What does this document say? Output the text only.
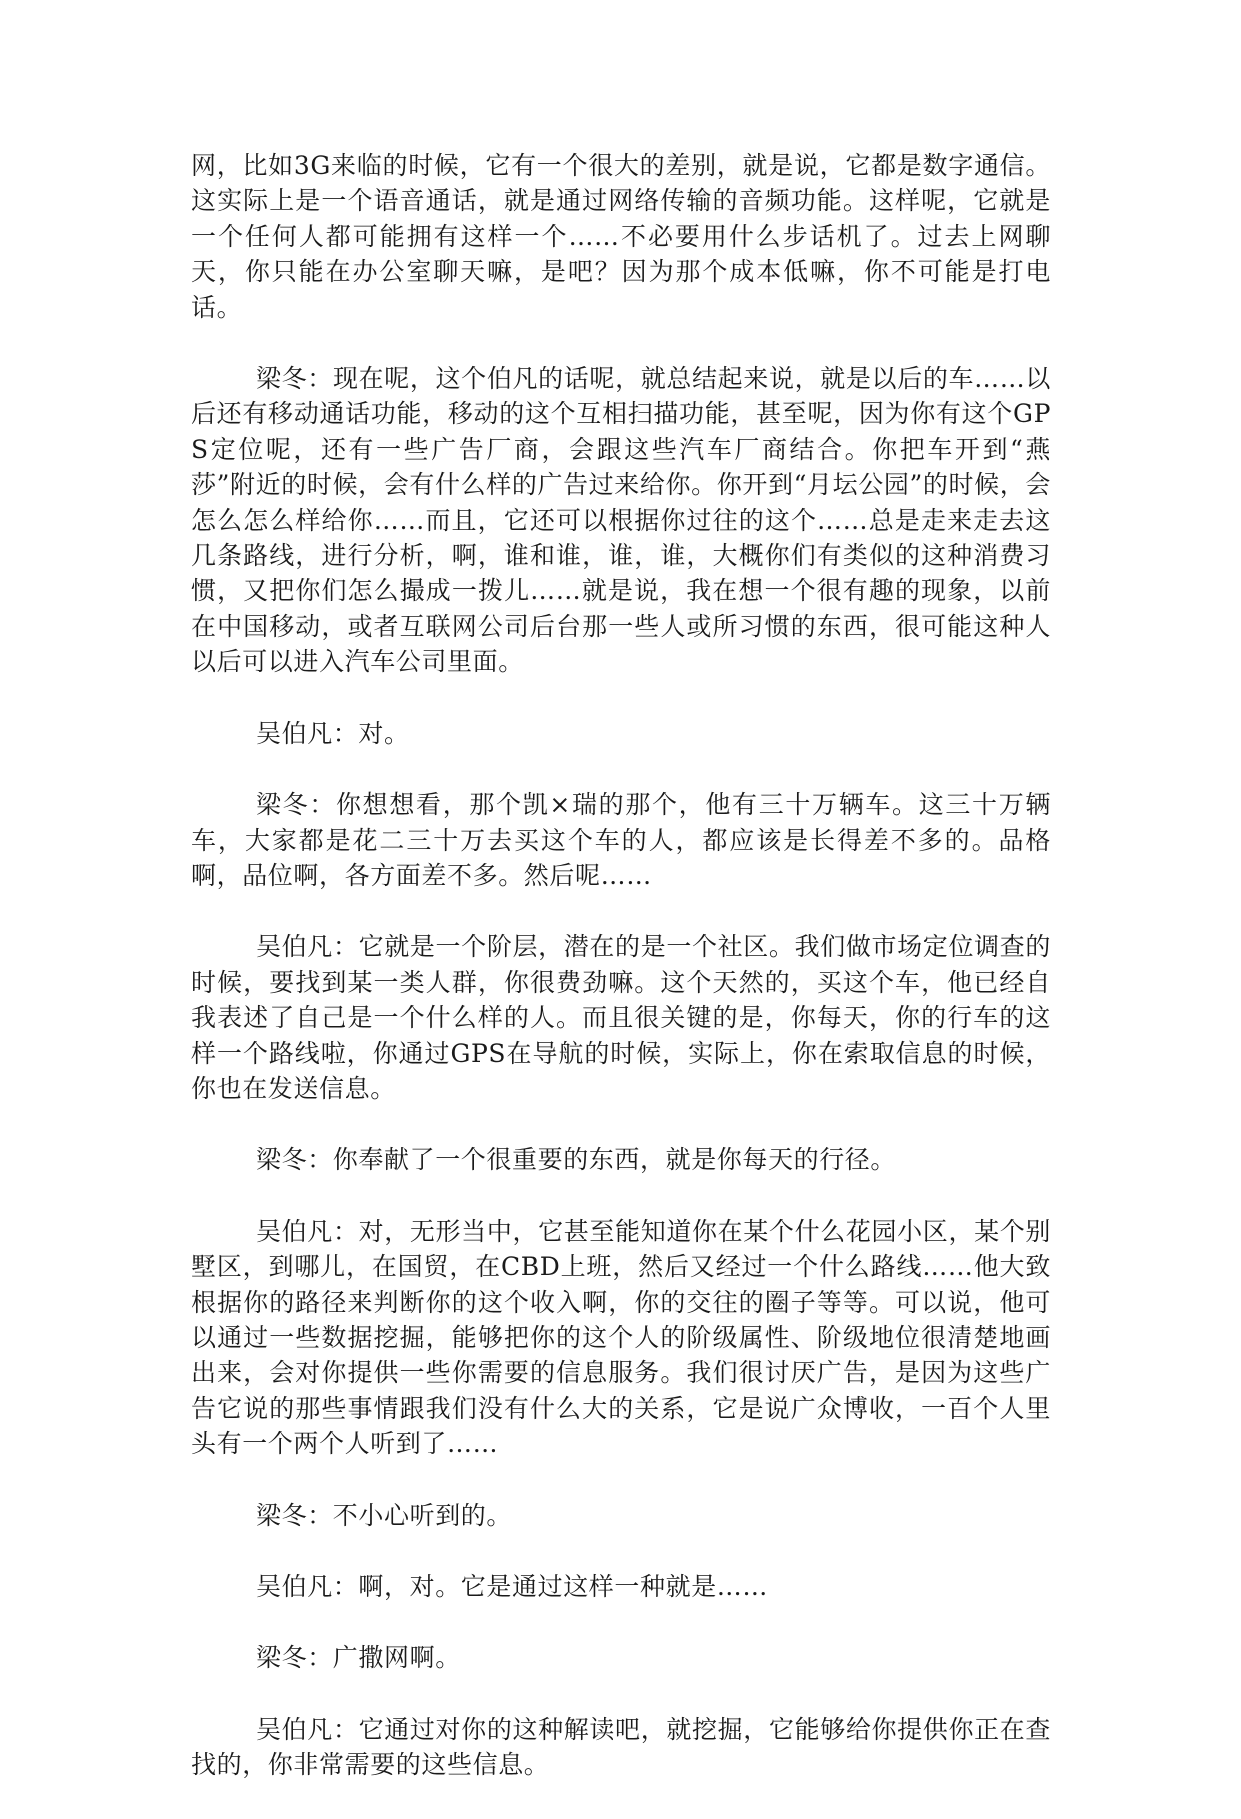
网，比如3G来临的时候，它有一个很大的差别，就是说，它都是数字通信。这实际上是一个语音通话，就是通过网络传输的音频功能。这样呢，它就是一个任何人都可能拥有这样一个……不必要用什么步话机了。过去上网聊天，你只能在办公室聊天嘛，是吧？因为那个成本低嘛，你不可能是打电话。

梁冬：现在呢，这个伯凡的话呢，就总结起来说，就是以后的车……以后还有移动通话功能，移动的这个互相扫描功能，甚至呢，因为你有这个GPS定位呢，还有一些广告厂商，会跟这些汽车厂商结合。你把车开到“燕莎”附近的时候，会有什么样的广告过来给你。你开到“月坛公园”的时候，会怎么怎么样给你……而且，它还可以根据你过往的这个……总是走来走去这几条路线，进行分析，啊，谁和谁，谁，谁，大概你们有类似的这种消费习惯，又把你们怎么撮成一拨儿……就是说，我在想一个很有趣的现象，以前在中国移动，或者互联网公司后台那一些人或所习惯的东西，很可能这种人以后可以进入汽车公司里面。

吴伯凡：对。

梁冬：你想想看，那个凯×瑞的那个，他有三十万辆车。这三十万辆车，大家都是花二三十万去买这个车的人，都应该是长得差不多的。品格啊，品位啊，各方面差不多。然后呢……

吴伯凡：它就是一个阶层，潜在的是一个社区。我们做市场定位调查的时候，要找到某一类人群，你很费劲嘛。这个天然的，买这个车，他已经自我表述了自己是一个什么样的人。而且很关键的是，你每天，你的行车的这样一个路线啦，你通过GPS在导航的时候，实际上，你在索取信息的时候，你也在发送信息。

梁冬：你奉献了一个很重要的东西，就是你每天的行径。

吴伯凡：对，无形当中，它甚至能知道你在某个什么花园小区，某个别墅区，到哪儿，在国贸，在CBD上班，然后又经过一个什么路线……他大致根据你的路径来判断你的这个收入啊，你的交往的圈子等等。可以说，他可以通过一些数据挖掘，能够把你的这个人的阶级属性、阶级地位很清楚地画出来，会对你提供一些你需要的信息服务。我们很讨厌广告，是因为这些广告它说的那些事情跟我们没有什么大的关系，它是说广众博收，一百个人里头有一个两个人听到了……

梁冬：不小心听到的。

吴伯凡：啊，对。它是通过这样一种就是……

梁冬：广撒网啊。

吴伯凡：它通过对你的这种解读吧，就挖掘，它能够给你提供你正在查找的，你非常需要的这些信息。
